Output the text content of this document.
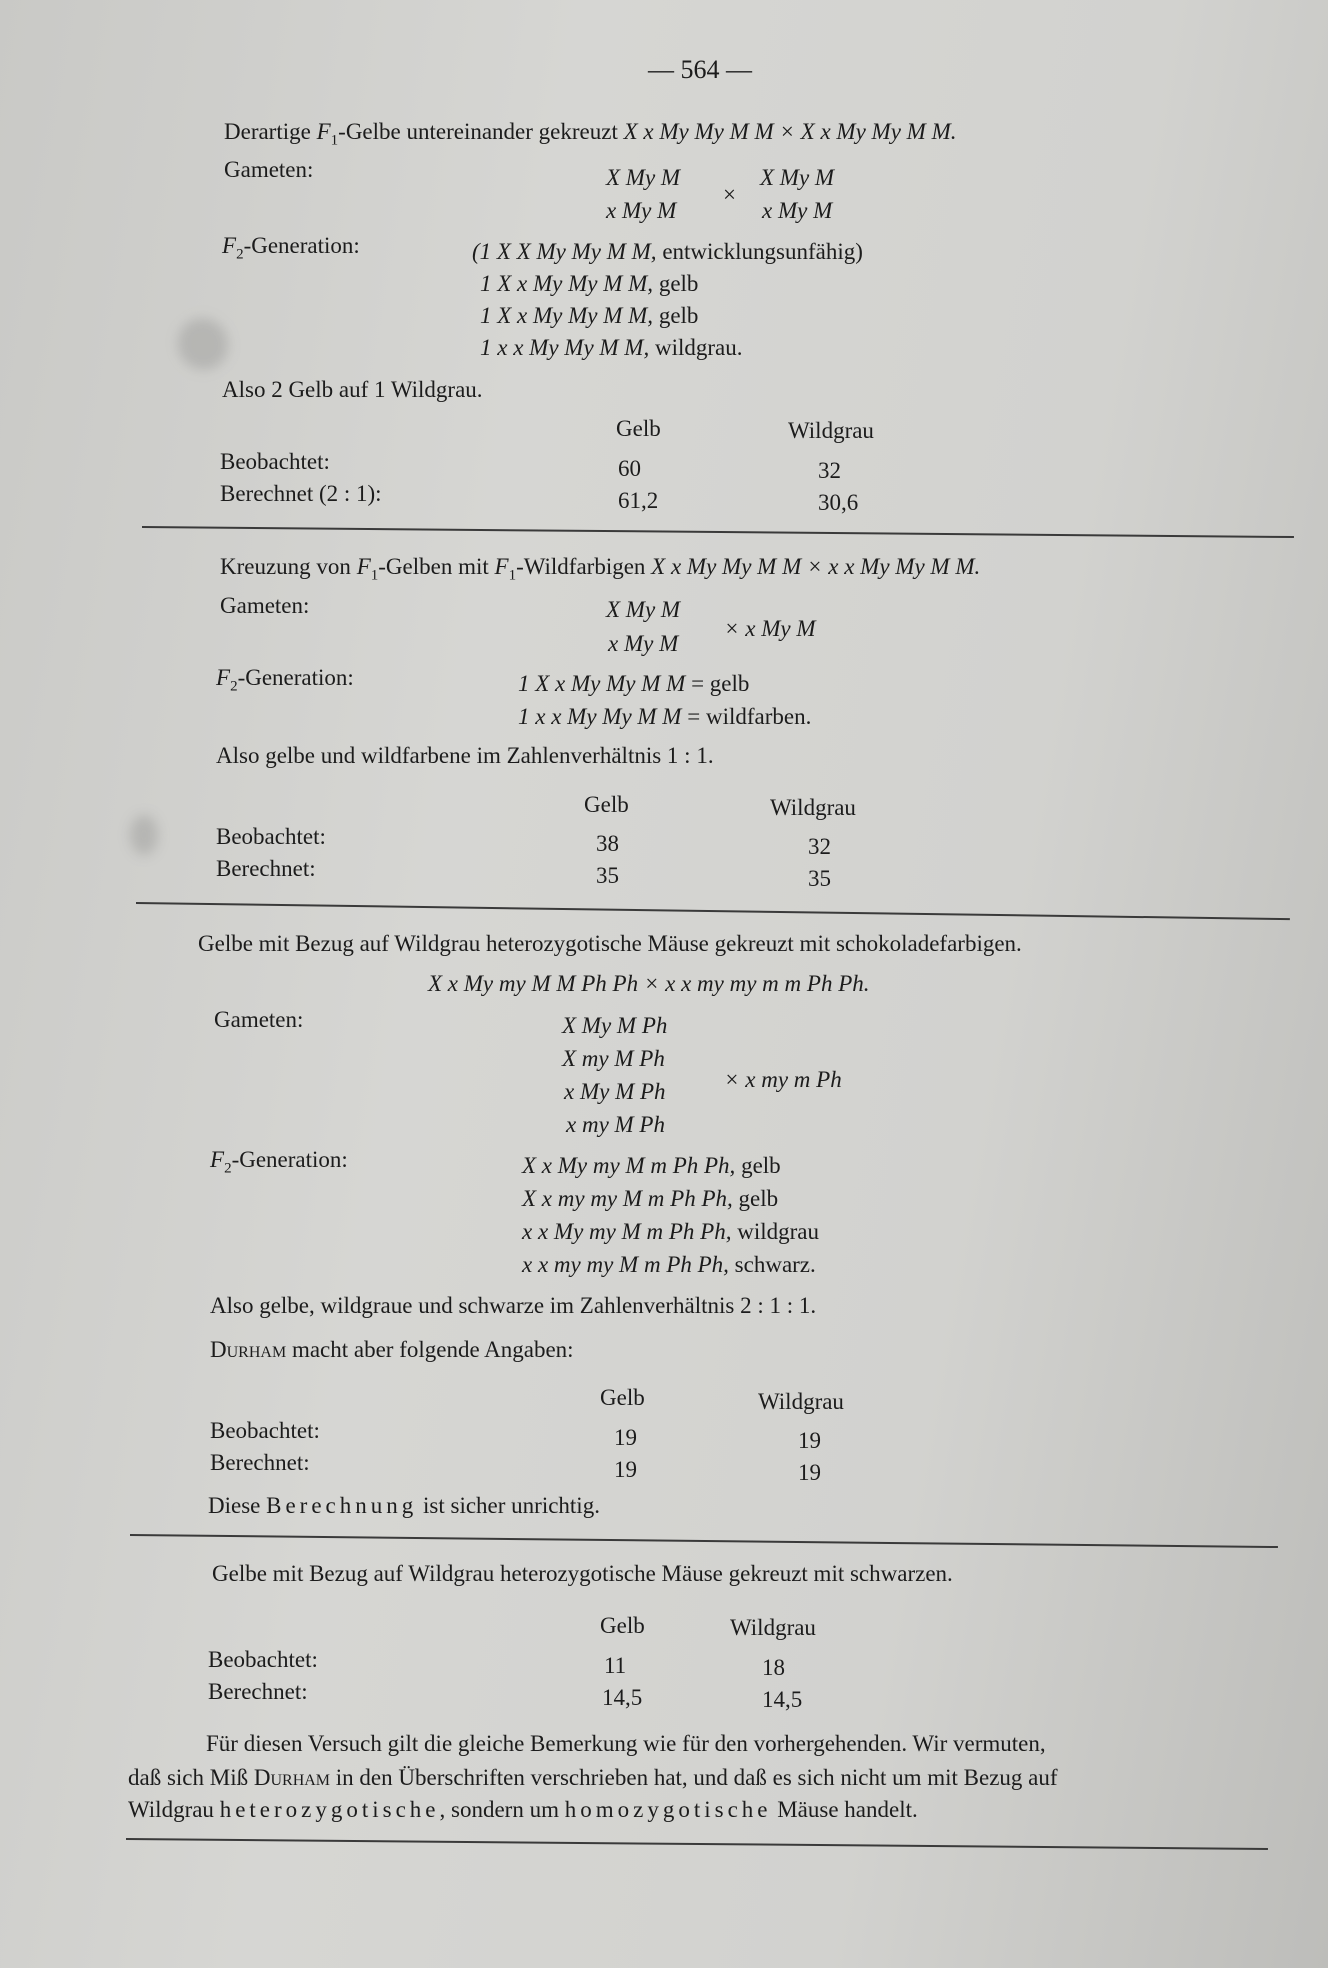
— 564 —
Derartige $F_1$-Gelbe untereinander gekreuzt X x My My M M × X x My My M M.
Gameten:	X My M
x My M
×
X My M
x My M
$F_2$-Generation:	(1 X X My My M M, entwicklungsunfähig)
1 X x My My M M, gelb
1 X x My My M M, gelb
1 x x My My M M, wildgrau.
Also 2 Gelb auf 1 Wildgrau.
Gelb	Wildgrau
Beobachtet:	60	32
Berechnet (2 : 1):	61,2	30,6
Kreuzung von $F_1$-Gelben mit $F_1$-Wildfarbigen X x My My M M × x x My My M M.
Gameten:	X My M
x My M
× x My M
$F_2$-Generation:	1 X x My My M M = gelb
1 x x My My M M = wildfarben.
Also gelbe und wildfarbene im Zahlenverhältnis 1 : 1.
Gelb	Wildgrau
Beobachtet:	38	32
Berechnet:	35	35
Gelbe mit Bezug auf Wildgrau heterozygotische Mäuse gekreuzt mit schokoladefarbigen.
X x My my M M Ph Ph × x x my my m m Ph Ph.
Gameten:	X My M Ph
X my M Ph
x My M Ph
x my M Ph
× x my m Ph
$F_2$-Generation:	X x My my M m Ph Ph, gelb
X x my my M m Ph Ph, gelb
x x My my M m Ph Ph, wildgrau
x x my my M m Ph Ph, schwarz.
Also gelbe, wildgraue und schwarze im Zahlenverhältnis 2 : 1 : 1.
Durham macht aber folgende Angaben:
Gelb	Wildgrau
Beobachtet:	19	19
Berechnet:	19	19
Diese Berechnung ist sicher unrichtig.
Gelbe mit Bezug auf Wildgrau heterozygotische Mäuse gekreuzt mit schwarzen.
Gelb	Wildgrau
Beobachtet:	11	18
Berechnet:	14,5	14,5
Für diesen Versuch gilt die gleiche Bemerkung wie für den vorhergehenden. Wir vermuten,
daß sich Miß Durham in den Überschriften verschrieben hat, und daß es sich nicht um mit Bezug auf
Wildgrau heterozygotische, sondern um homozygotische Mäuse handelt.
